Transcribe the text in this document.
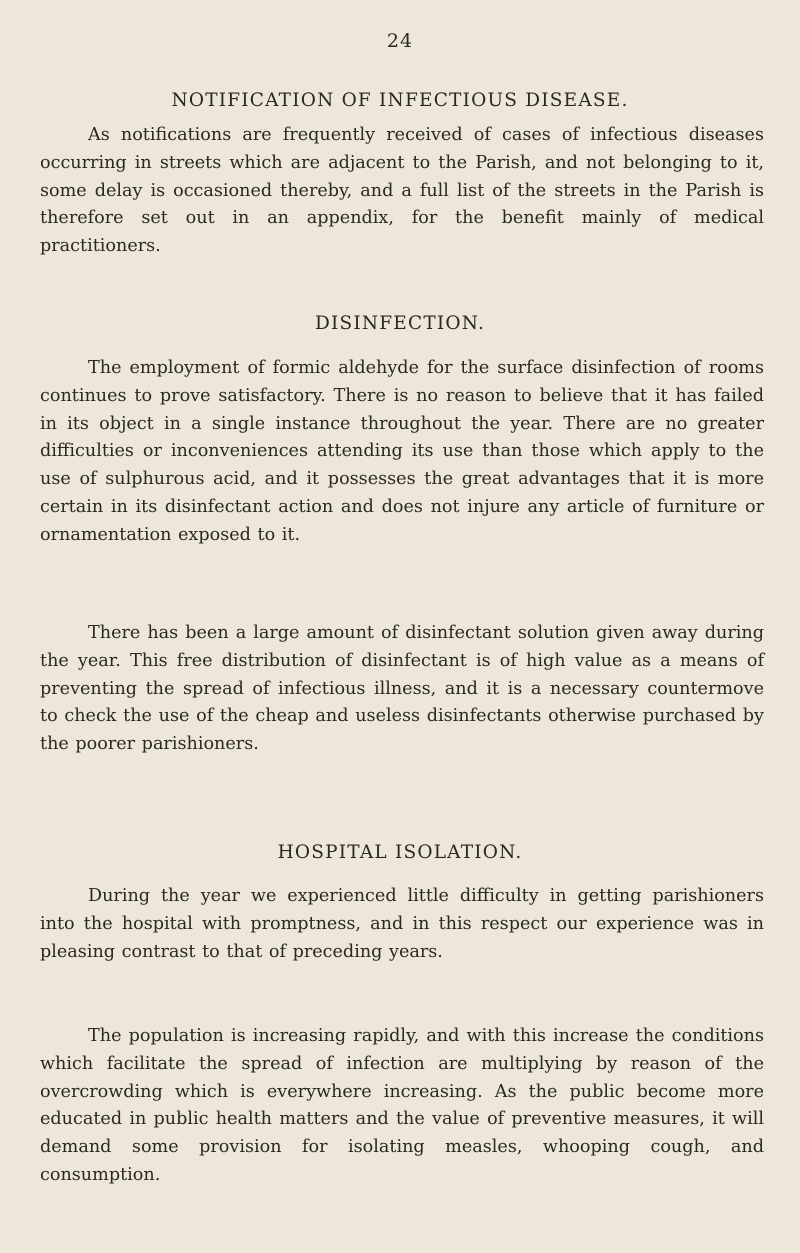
24
NOTIFICATION OF INFECTIOUS DISEASE.

As notifications are frequently received of cases of infectious diseases occurring in streets which are adjacent to the Parish, and not belonging to it, some delay is occasioned thereby, and a full list of the streets in the Parish is therefore set out in an appendix, for the benefit mainly of medical practitioners.

DISINFECTION.

The employment of formic aldehyde for the surface disinfection of rooms continues to prove satisfactory. There is no reason to believe that it has failed in its object in a single instance throughout the year. There are no greater difficulties or inconveniences attending its use than those which apply to the use of sulphurous acid, and it possesses the great advantages that it is more certain in its disinfectant action and does not injure any article of furniture or ornamentation exposed to it.

There has been a large amount of disinfectant solution given away during the year. This free distribution of disinfectant is of high value as a means of preventing the spread of infectious illness, and it is a necessary countermove to check the use of the cheap and useless disinfectants otherwise purchased by the poorer parishioners.

HOSPITAL ISOLATION.

During the year we experienced little difficulty in getting parishioners into the hospital with promptness, and in this respect our experience was in pleasing contrast to that of preceding years.

The population is increasing rapidly, and with this increase the conditions which facilitate the spread of infection are multiplying by reason of the overcrowding which is everywhere increasing. As the public become more educated in public health matters and the value of preventive measures, it will demand some provision for isolating measles, whooping cough, and consumption.
